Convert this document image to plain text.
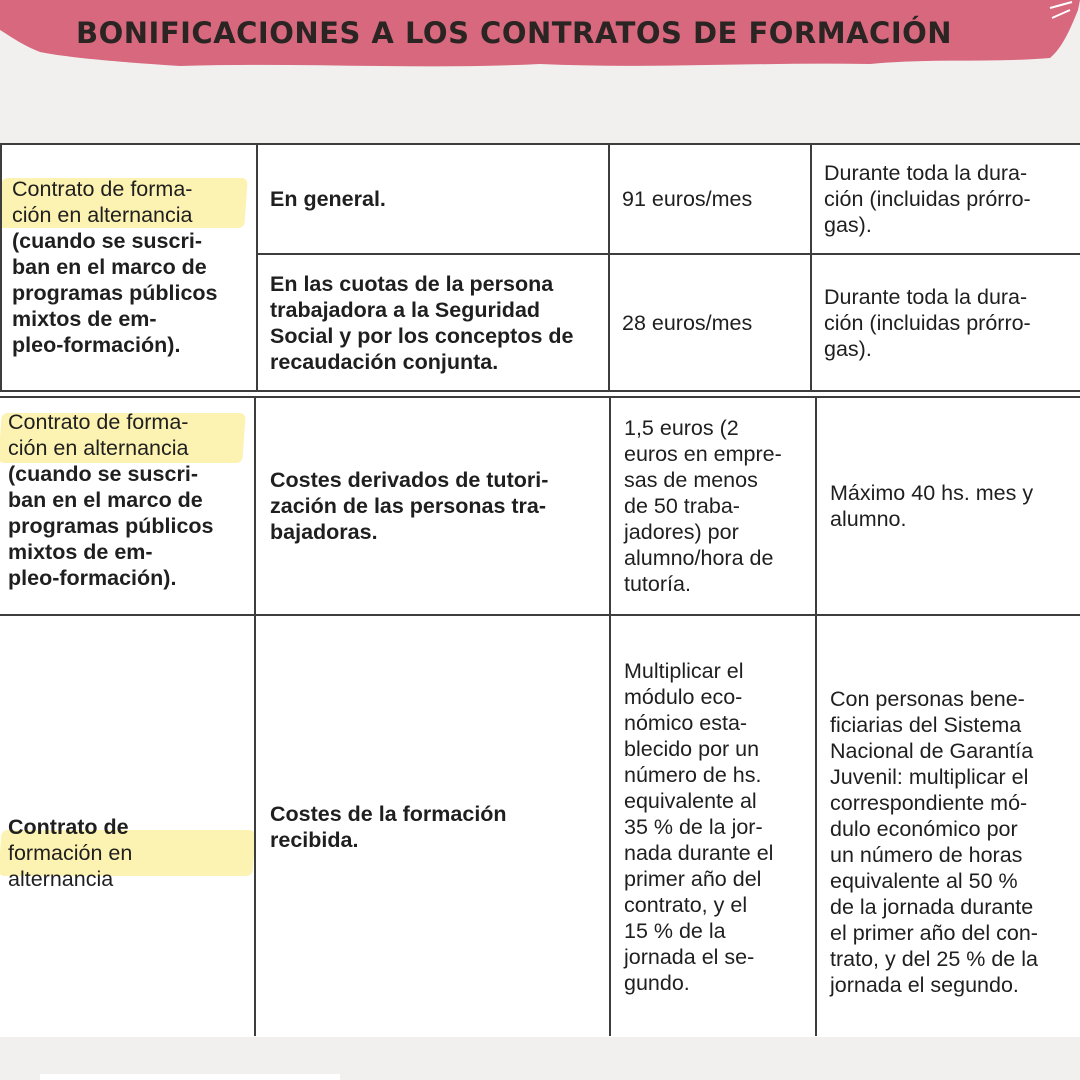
BONIFICACIONES A LOS CONTRATOS DE FORMACIÓN
Contrato de forma-
ción en alternancia
(cuando se suscri-
ban en el marco de
programas públicos
mixtos de em-
pleo-formación).
En general.	91 euros/mes
Durante toda la dura-
ción (incluidas prórro-
gas).
En las cuotas de la persona
trabajadora a la Seguridad
Social y por los conceptos de
recaudación conjunta.
28 euros/mes
Durante toda la dura-
ción (incluidas prórro-
gas).
Contrato de forma-
ción en alternancia
(cuando se suscri-
ban en el marco de
programas públicos
mixtos de em-
pleo-formación).
Costes derivados de tutori-
zación de las personas tra-
bajadoras.
1,5 euros (2
euros en empre-
sas de menos
de 50 traba-
jadores) por
alumno/hora de
tutoría.
Máximo 40 hs. mes y
alumno.
Contrato de
formación en
alternancia
Costes de la formación
recibida.
Multiplicar el
módulo eco-
nómico esta-
blecido por un
número de hs.
equivalente al
35 % de la jor-
nada durante el
primer año del
contrato, y el
15 % de la
jornada el se-
gundo.
Con personas bene-
ficiarias del Sistema
Nacional de Garantía
Juvenil: multiplicar el
correspondiente mó-
dulo económico por
un número de horas
equivalente al 50 %
de la jornada durante
el primer año del con-
trato, y del 25 % de la
jornada el segundo.
